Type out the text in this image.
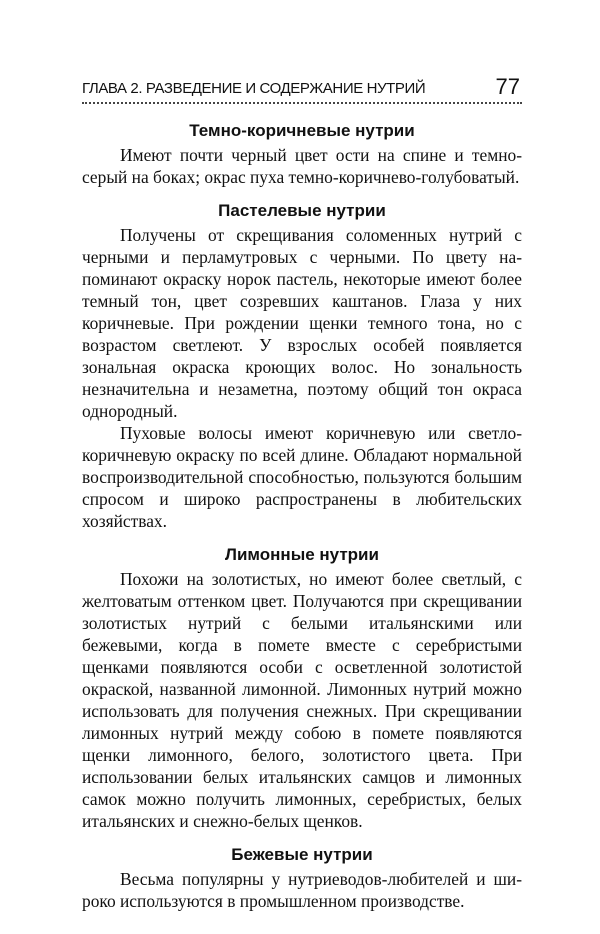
ГЛАВА 2. РАЗВЕДЕНИЕ И СОДЕРЖАНИЕ НУТРИЙ	77
Темно-коричневые нутрии

Имеют почти черный цвет ости на спине и темносерый на боках; окрас пуха темно-коричнево-голубоватый.

Пастелевые нутрии

Получены от скрещивания соломенных нутрий с черными и перламутровых с черными. По цвету напоминают окраску норок пастель, некоторые имеют более темный тон, цвет созревших каштанов. Глаза у них коричневые. При рождении щенки темного тона, но с возрастом светлеют. У взрослых особей появляется зональная окраска кроющих волос. Но зональность незначительна и незаметна, поэтому общий тон окраса однородный.

Пуховые волосы имеют коричневую или светлокоричневую окраску по всей длине. Обладают нормальной воспроизводительной способностью, пользуются большим спросом и широко распространены в любительских хозяйствах.

Лимонные нутрии

Похожи на золотистых, но имеют более светлый, с желтоватым оттенком цвет. Получаются при скрещивании золотистых нутрий с белыми итальянскими или бежевыми, когда в помете вместе с серебристыми щенками появляются особи с осветленной золотистой окраской, названной лимонной. Лимонных нутрий можно использовать для получения снежных. При скрещивании лимонных нутрий между собою в помете появляются щенки лимонного, белого, золотистого цвета. При использовании белых итальянских самцов и лимонных самок можно получить лимонных, серебристых, белых итальянских и снежно-белых щенков.

Бежевые нутрии

Весьма популярны у нутриеводов-любителей и широко используются в промышленном производстве.
